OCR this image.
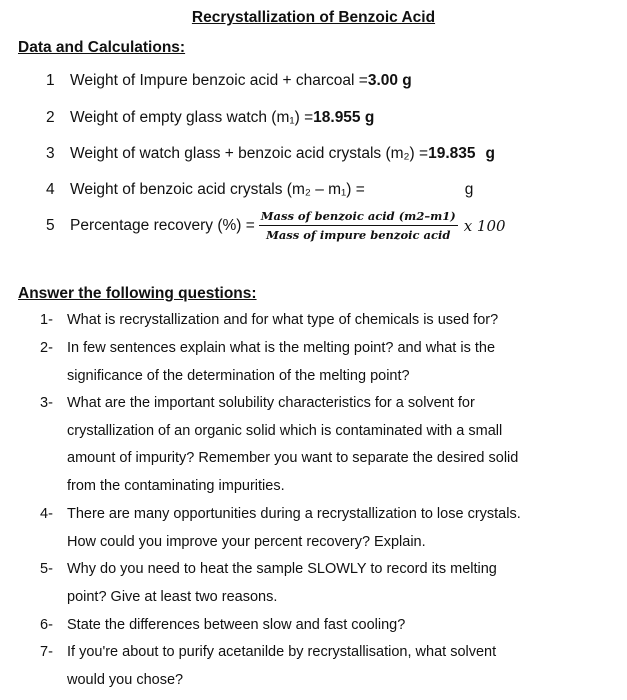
Recrystallization of Benzoic Acid
Data and Calculations:
1 Weight of Impure benzoic acid + charcoal = 3.00 g
2 Weight of empty glass watch (m₁) = 18.955 g
3 Weight of watch glass + benzoic acid crystals (m₂) = 19.835 g
4 Weight of benzoic acid crystals (m₂ – m₁) =	g
5 Percentage recovery (%) = $\frac{\text{Mass of benzoic acid (m2–m1)}}{\text{Mass of impure benzoic acid}}$ x 100
Answer the following questions:
1- What is recrystallization and for what type of chemicals is used for?
2- In few sentences explain what is the melting point? and what is the
significance of the determination of the melting point?
3- What are the important solubility characteristics for a solvent for
crystallization of an organic solid which is contaminated with a small
amount of impurity? Remember you want to separate the desired solid
from the contaminating impurities.
4- There are many opportunities during a recrystallization to lose crystals.
How could you improve your percent recovery? Explain.
5- Why do you need to heat the sample SLOWLY to record its melting
point? Give at least two reasons.
6- State the differences between slow and fast cooling?
7- If you're about to purify acetanilde by recrystallisation, what solvent
would you chose?
